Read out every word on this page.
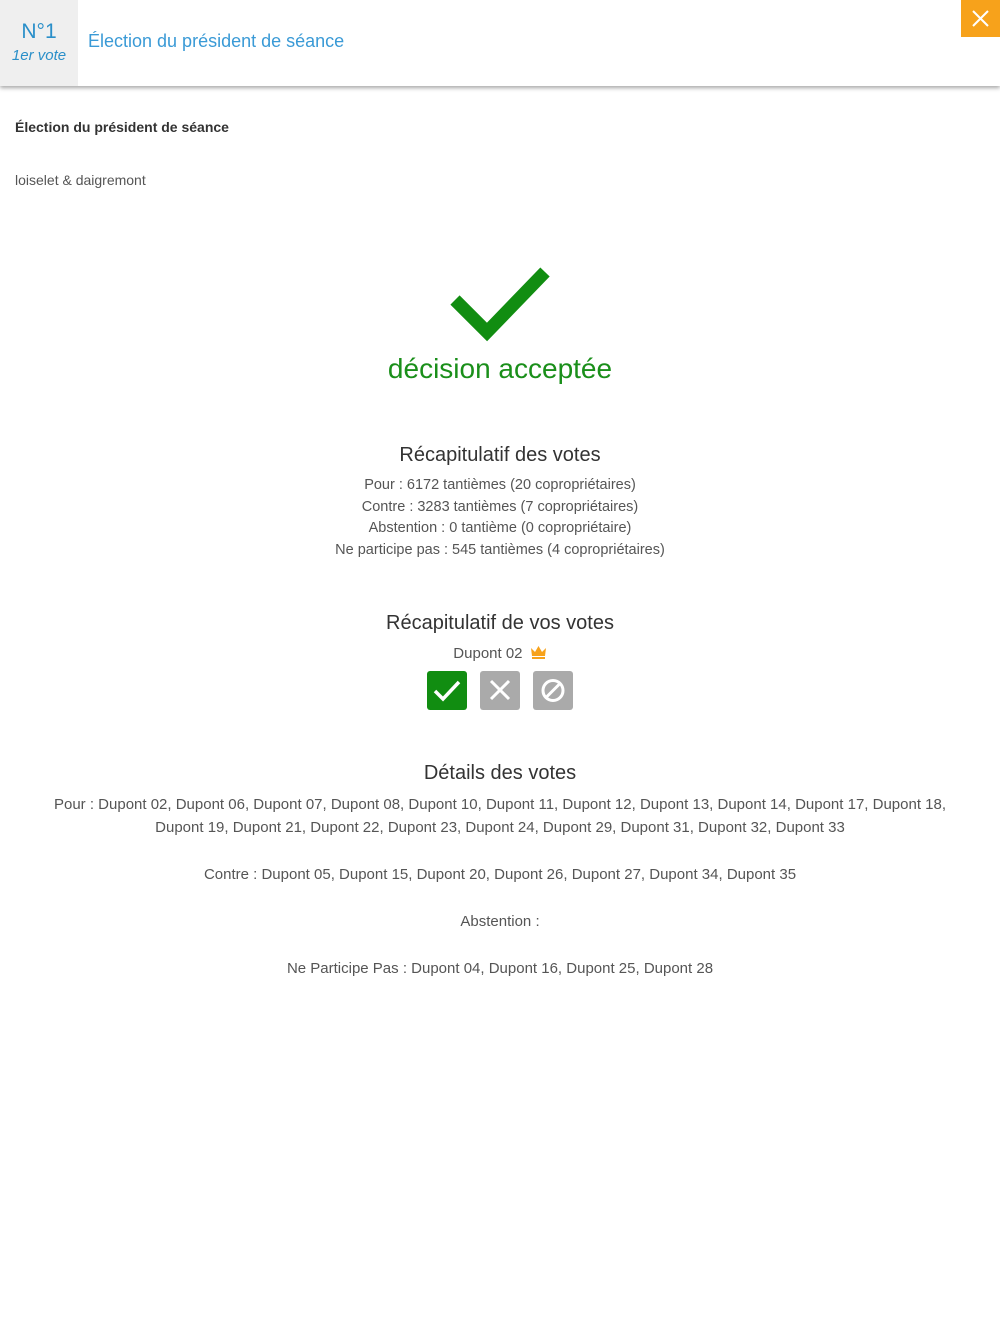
N°1
1er vote
Élection du président de séance
Élection du président de séance
loiselet & daigremont
décision acceptée
Récapitulatif des votes
Pour : 6172 tantièmes (20 copropriétaires)
Contre : 3283 tantièmes (7 copropriétaires)
Abstention : 0 tantième (0 copropriétaire)
Ne participe pas : 545 tantièmes (4 copropriétaires)
Récapitulatif de vos votes
Dupont 02
Détails des votes
Pour : Dupont 02, Dupont 06, Dupont 07, Dupont 08, Dupont 10, Dupont 11, Dupont 12, Dupont 13, Dupont 14, Dupont 17, Dupont 18,
Dupont 19, Dupont 21, Dupont 22, Dupont 23, Dupont 24, Dupont 29, Dupont 31, Dupont 32, Dupont 33
Contre : Dupont 05, Dupont 15, Dupont 20, Dupont 26, Dupont 27, Dupont 34, Dupont 35
Abstention :
Ne Participe Pas : Dupont 04, Dupont 16, Dupont 25, Dupont 28
